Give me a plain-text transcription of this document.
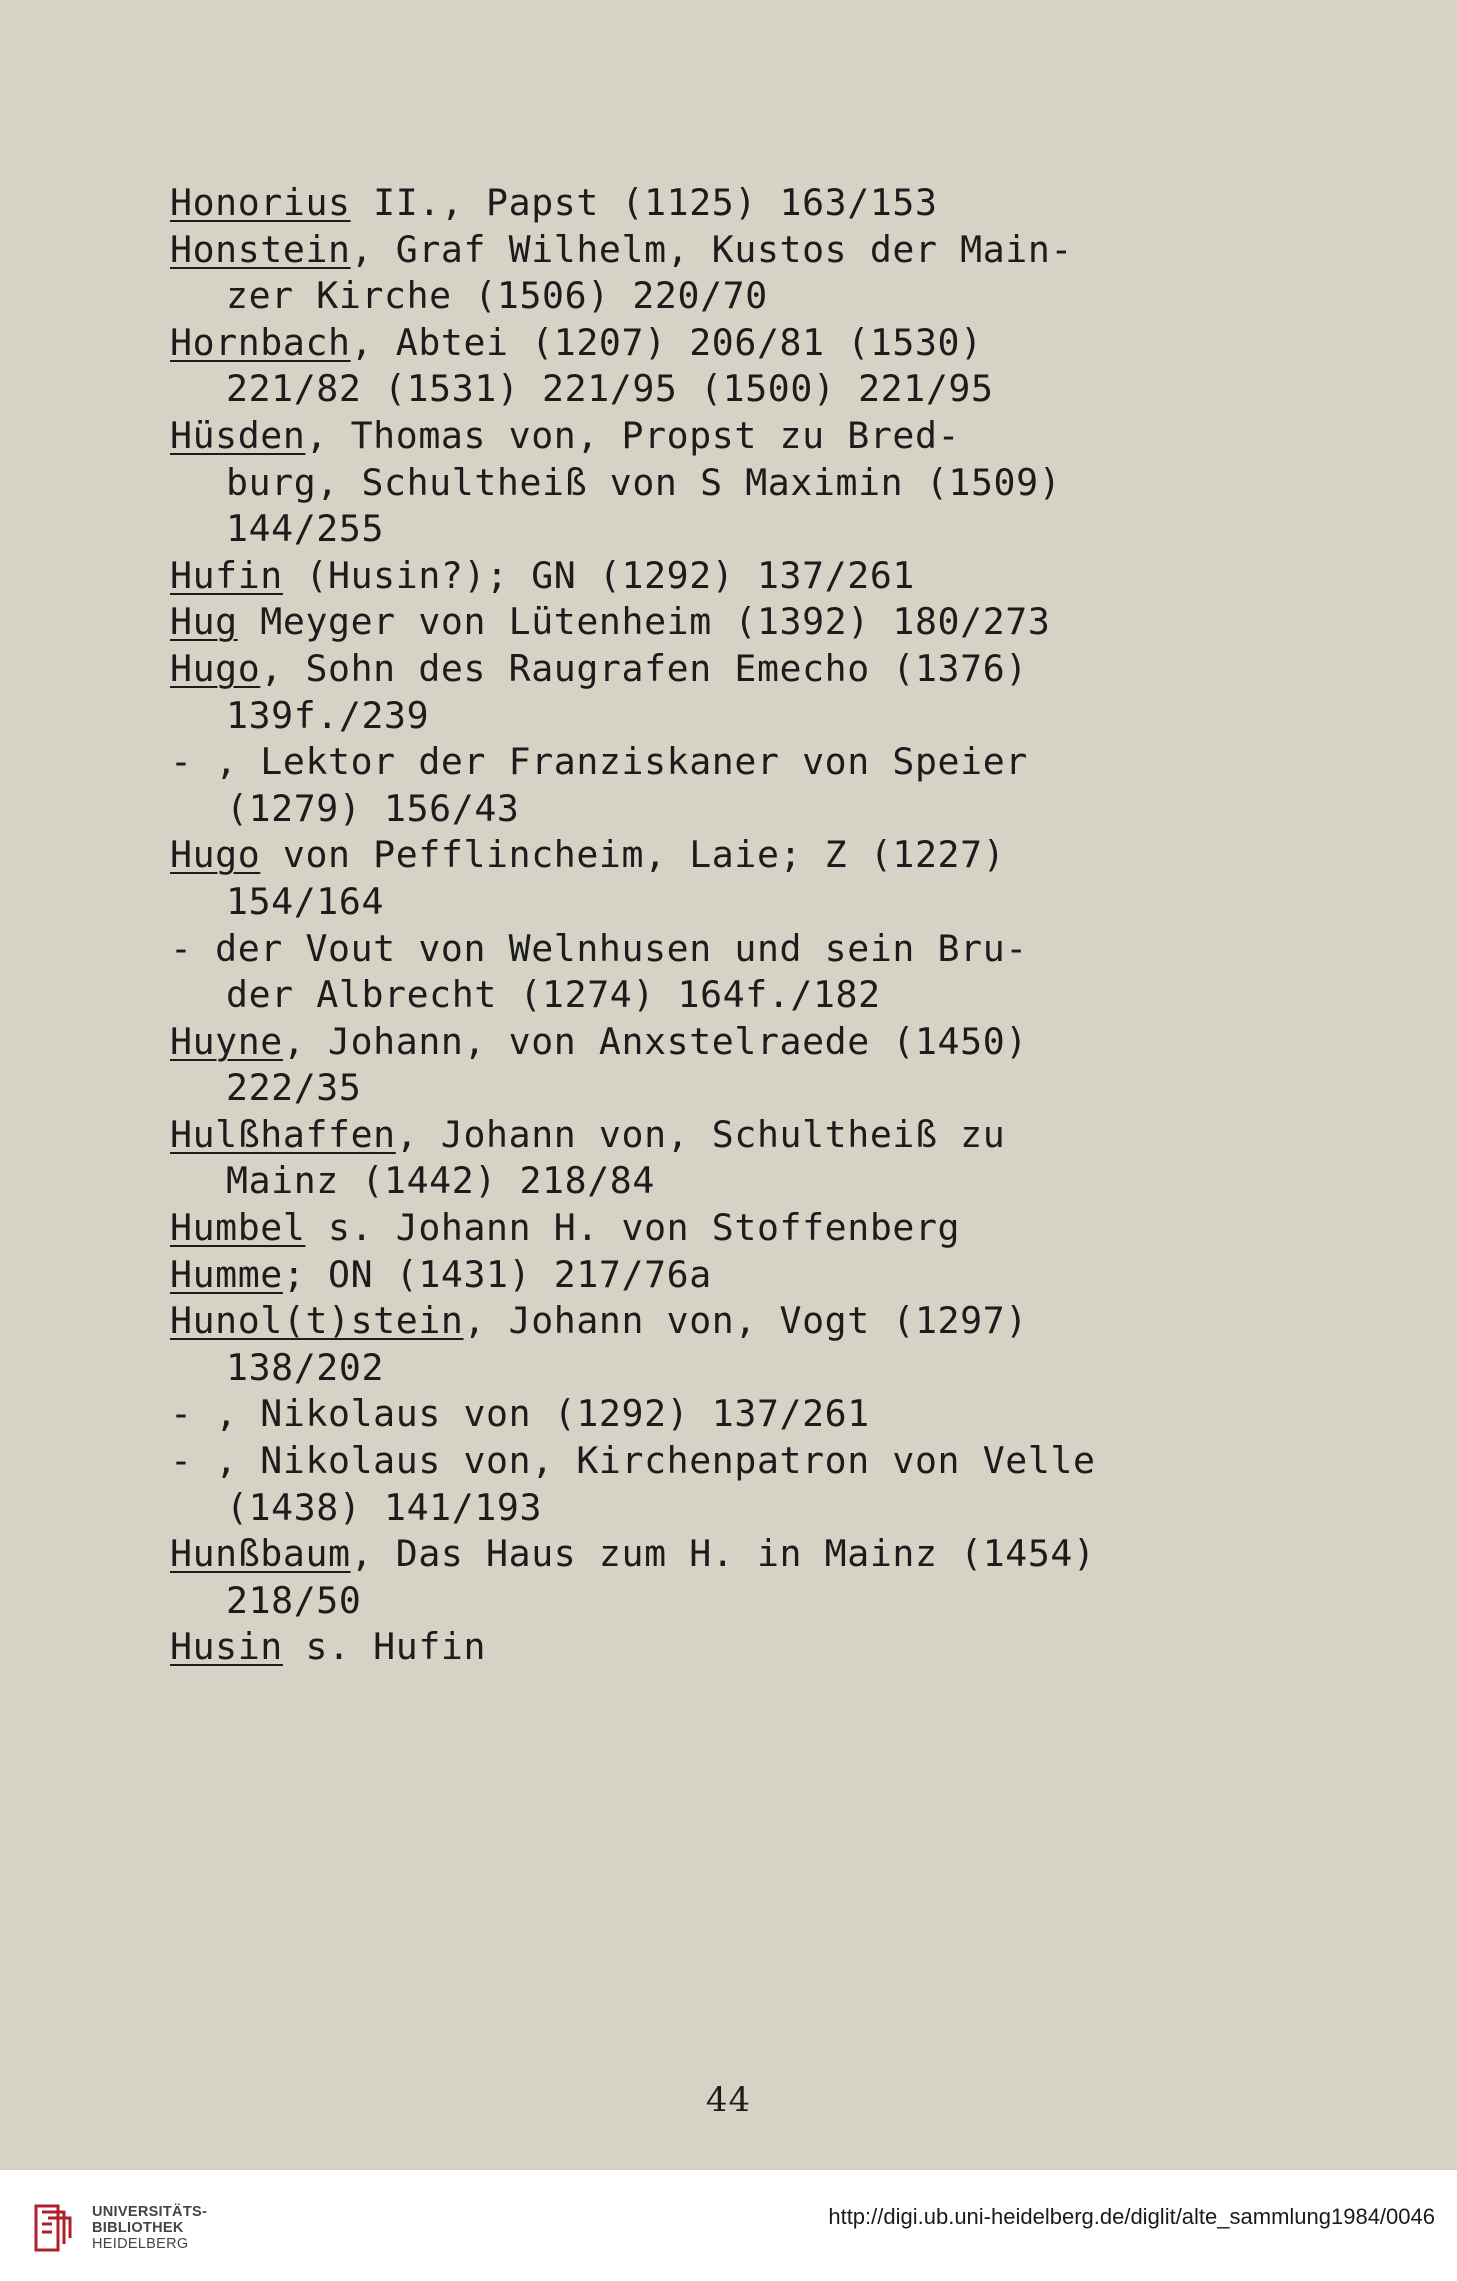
Honorius II., Papst (1125) 163/153
Honstein, Graf Wilhelm, Kustos der Main-
zer Kirche (1506) 220/70
Hornbach, Abtei (1207) 206/81 (1530)
221/82 (1531) 221/95 (1500) 221/95
Hüsden, Thomas von, Propst zu Bred-
burg, Schultheiß von S Maximin (1509)
144/255
Hufin (Husin?); GN (1292) 137/261
Hug Meyger von Lütenheim (1392) 180/273
Hugo, Sohn des Raugrafen Emecho (1376)
139f./239
- , Lektor der Franziskaner von Speier
(1279) 156/43
Hugo von Pefflincheim, Laie; Z (1227)
154/164
- der Vout von Welnhusen und sein Bru-
der Albrecht (1274) 164f./182
Huyne, Johann, von Anxstelraede (1450)
222/35
Hulßhaffen, Johann von, Schultheiß zu
Mainz (1442) 218/84
Humbel s. Johann H. von Stoffenberg
Humme; ON (1431) 217/76a
Hunol(t)stein, Johann von, Vogt (1297)
138/202
- , Nikolaus von (1292) 137/261
- , Nikolaus von, Kirchenpatron von Velle
(1438) 141/193
Hunßbaum, Das Haus zum H. in Mainz (1454)
218/50
Husin s. Hufin
44
UNIVERSITÄTS-
BIBLIOTHEK
HEIDELBERG
http://digi.ub.uni-heidelberg.de/diglit/alte_sammlung1984/0046
